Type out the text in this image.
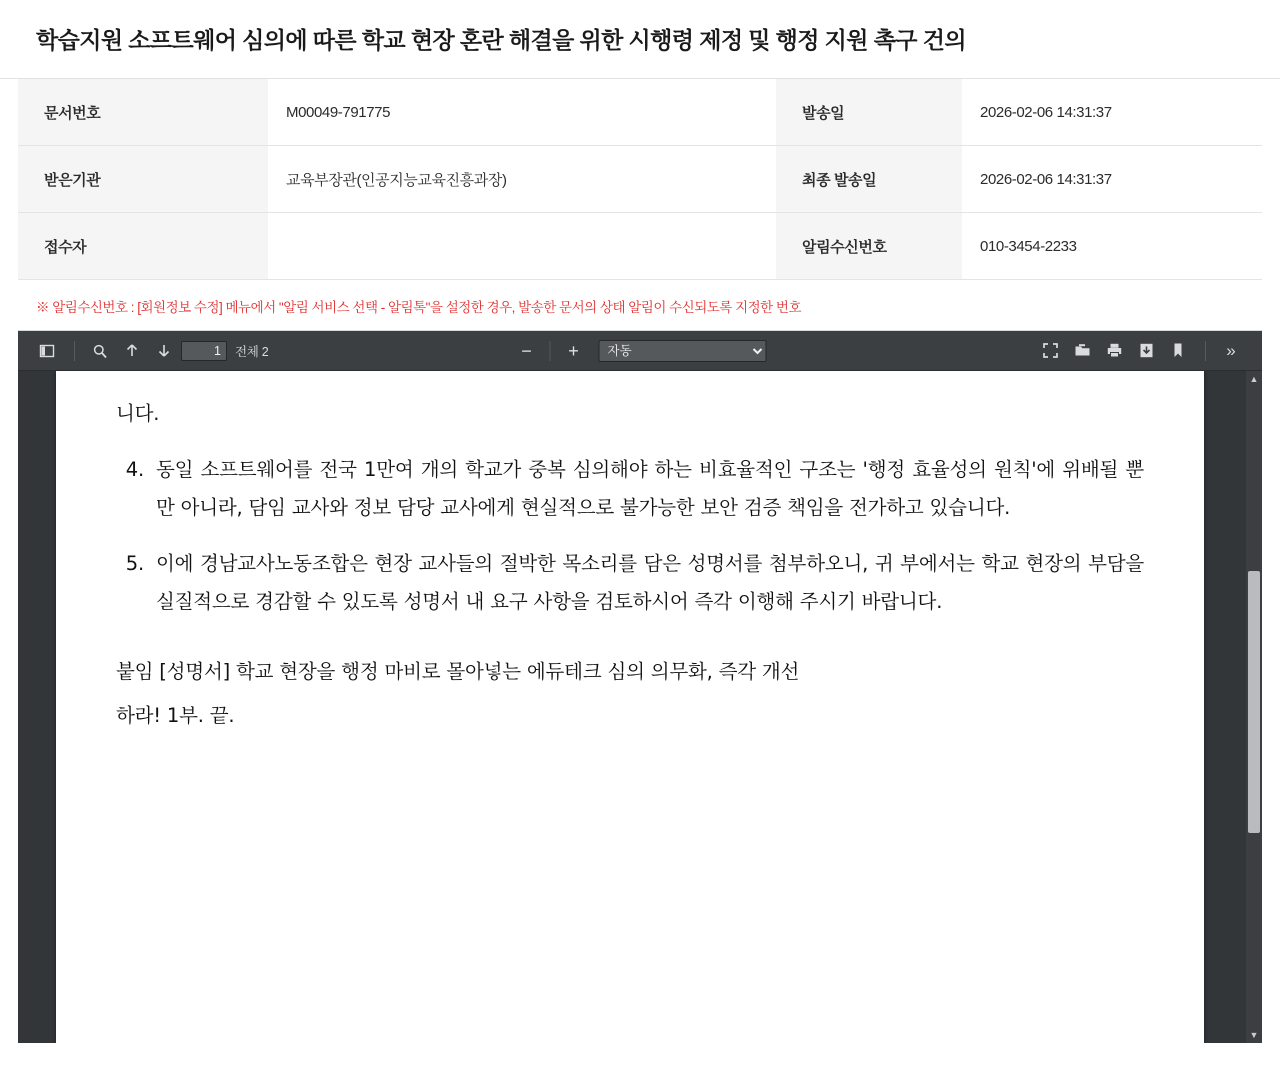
학습지원 소프트웨어 심의에 따른 학교 현장 혼란 해결을 위한 시행령 제정 및 행정 지원 촉구 건의
문서번호	M00049-791775	발송일	2026-02-06 14:31:37
받은기관	교육부장관(인공지능교육진흥과장)	최종 발송일	2026-02-06 14:31:37
접수자		알림수신번호	010-3454-2233
※ 알림수신번호 : [회원정보 수정] 메뉴에서 "알림 서비스 선택 - 알림톡"을 설정한 경우, 발송한 문서의 상태 알림이 수신되도록 지정한 번호
1
전체 2	−	+
자동	»
니다.
4. 동일 소프트웨어를 전국 1만여 개의 학교가 중복 심의해야 하는 비효율적인 구조는 '행정 효율성의 원칙'에 위배될 뿐만 아니라, 담임 교사와 정보 담당 교사에게 현실적으로 불가능한 보안 검증 책임을 전가하고 있습니다.
5. 이에 경남교사노동조합은 현장 교사들의 절박한 목소리를 담은 성명서를 첨부하오니, 귀 부에서는 학교 현장의 부담을 실질적으로 경감할 수 있도록 성명서 내 요구 사항을 검토하시어 즉각 이행해 주시기 바랍니다.
붙임 [성명서] 학교 현장을 행정 마비로 몰아넣는 에듀테크 심의 의무화, 즉각 개선
하라! 1부. 끝.
▲
▼
